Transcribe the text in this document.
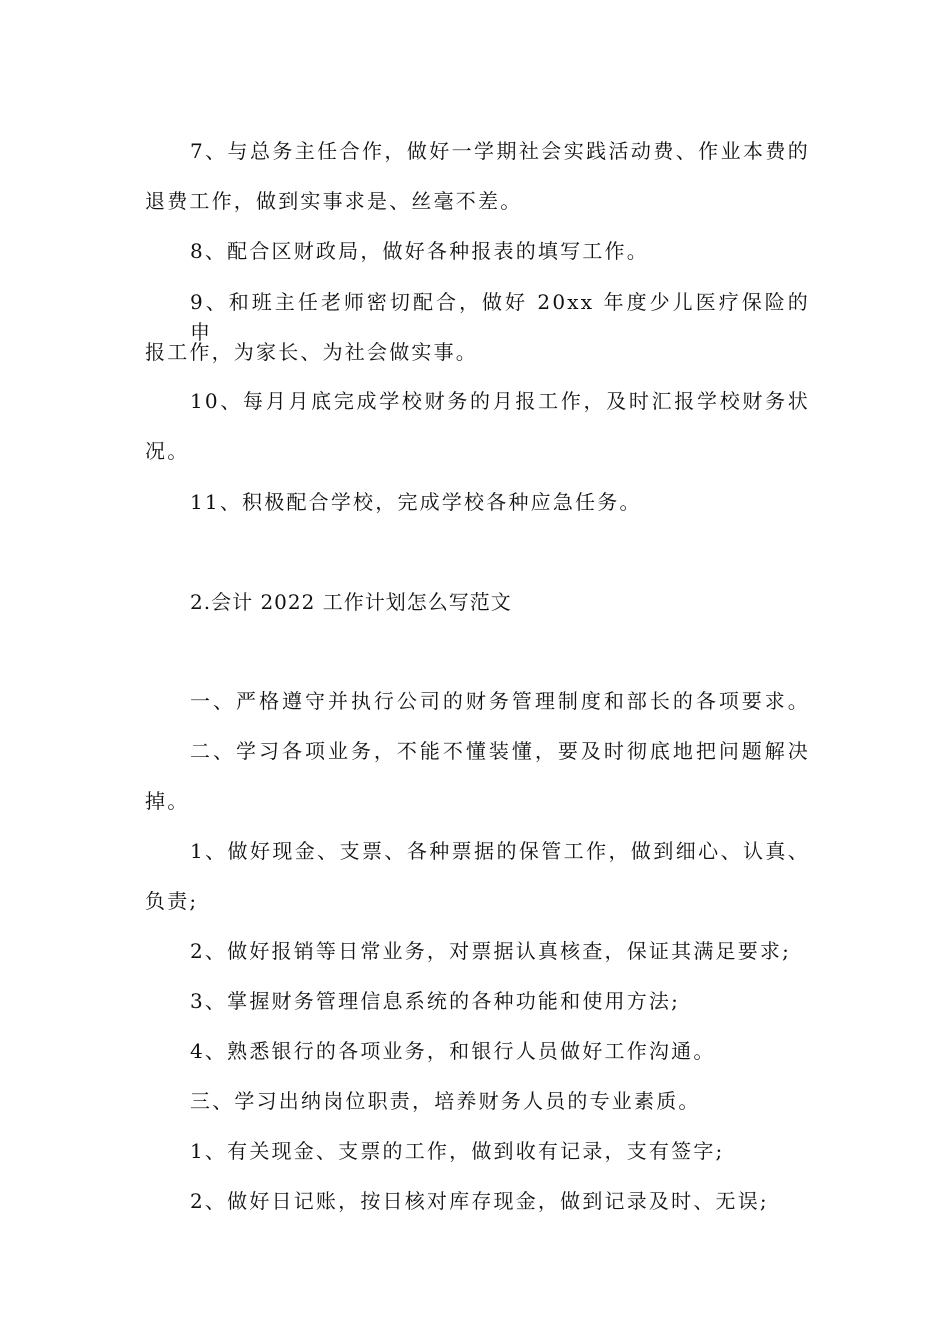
7、与总务主任合作，做好一学期社会实践活动费、作业本费的
退费工作，做到实事求是、丝毫不差。
8、配合区财政局，做好各种报表的填写工作。
9、和班主任老师密切配合，做好 20xx 年度少儿医疗保险的申
报工作，为家长、为社会做实事。
10、每月月底完成学校财务的月报工作，及时汇报学校财务状
况。
11、积极配合学校，完成学校各种应急任务。
2.会计 2022 工作计划怎么写范文
一、严格遵守并执行公司的财务管理制度和部长的各项要求。
二、学习各项业务，不能不懂装懂，要及时彻底地把问题解决
掉。
1、做好现金、支票、各种票据的保管工作，做到细心、认真、
负责;
2、做好报销等日常业务，对票据认真核查，保证其满足要求;
3、掌握财务管理信息系统的各种功能和使用方法;
4、熟悉银行的各项业务，和银行人员做好工作沟通。
三、学习出纳岗位职责，培养财务人员的专业素质。
1、有关现金、支票的工作，做到收有记录，支有签字;
2、做好日记账，按日核对库存现金，做到记录及时、无误;
